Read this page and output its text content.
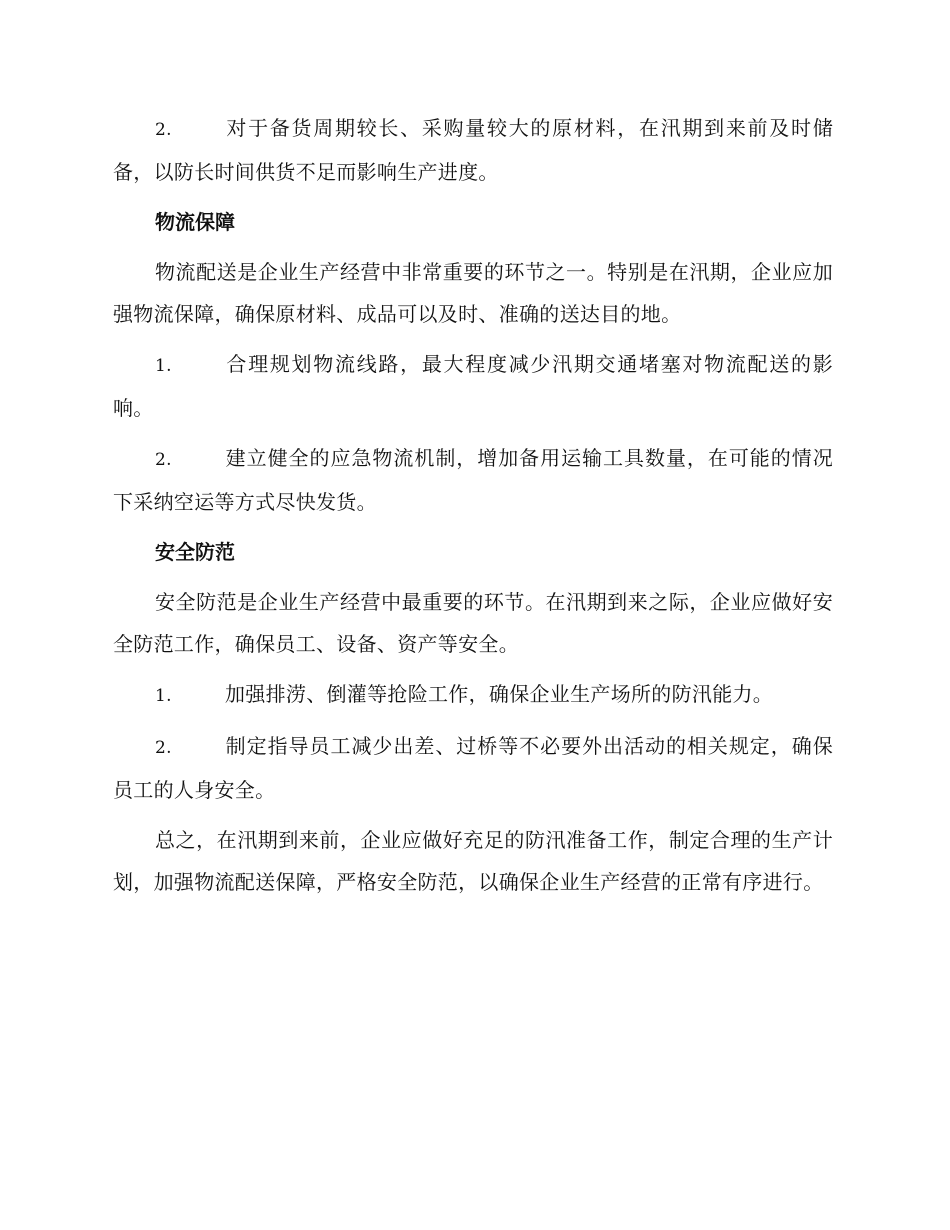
2.	对于备货周期较长、采购量较大的原材料，在汛期到来前及时储备，以防长时间供货不足而影响生产进度。

物流保障

物流配送是企业生产经营中非常重要的环节之一。特别是在汛期，企业应加强物流保障，确保原材料、成品可以及时、准确的送达目的地。

1.	合理规划物流线路，最大程度减少汛期交通堵塞对物流配送的影响。

2.	建立健全的应急物流机制，增加备用运输工具数量，在可能的情况下采纳空运等方式尽快发货。

安全防范

安全防范是企业生产经营中最重要的环节。在汛期到来之际，企业应做好安全防范工作，确保员工、设备、资产等安全。

1.	加强排涝、倒灌等抢险工作，确保企业生产场所的防汛能力。

2.	制定指导员工减少出差、过桥等不必要外出活动的相关规定，确保员工的人身安全。

总之，在汛期到来前，企业应做好充足的防汛准备工作，制定合理的生产计划，加强物流配送保障，严格安全防范，以确保企业生产经营的正常有序进行。
